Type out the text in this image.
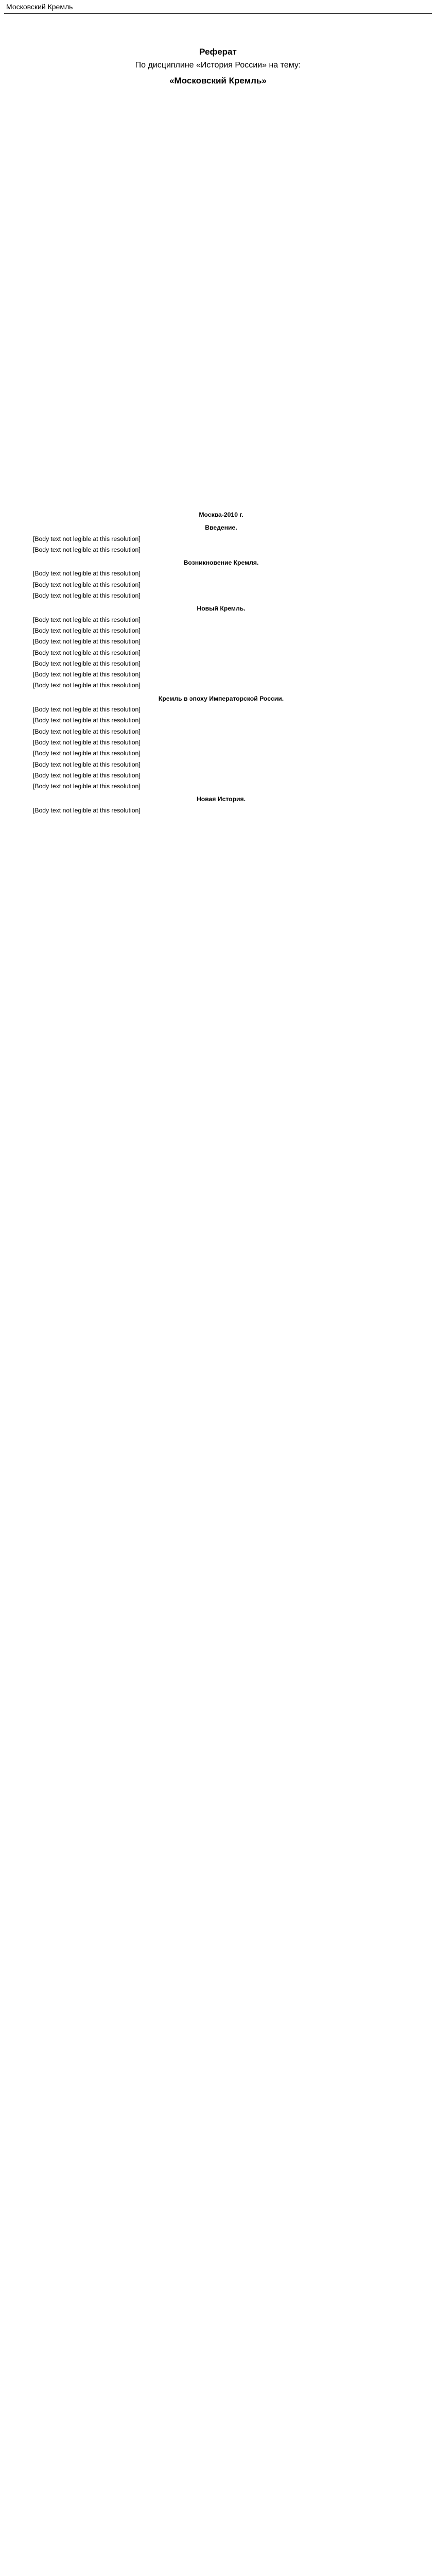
Московский Кремль
Реферат
По дисциплине «История России» на тему:
«Московский Кремль»
Москва-2010 г.
Введение.

[Body text not legible at this resolution]

[Body text not legible at this resolution]

Возникновение Кремля.

[Body text not legible at this resolution]

[Body text not legible at this resolution]

[Body text not legible at this resolution]

Новый Кремль.

[Body text not legible at this resolution]

[Body text not legible at this resolution]

[Body text not legible at this resolution]

[Body text not legible at this resolution]

[Body text not legible at this resolution]

[Body text not legible at this resolution]

[Body text not legible at this resolution]

Кремль в эпоху Императорской России.

[Body text not legible at this resolution]

[Body text not legible at this resolution]

[Body text not legible at this resolution]

[Body text not legible at this resolution]

[Body text not legible at this resolution]

[Body text not legible at this resolution]

[Body text not legible at this resolution]

[Body text not legible at this resolution]

Новая История.

[Body text not legible at this resolution]
